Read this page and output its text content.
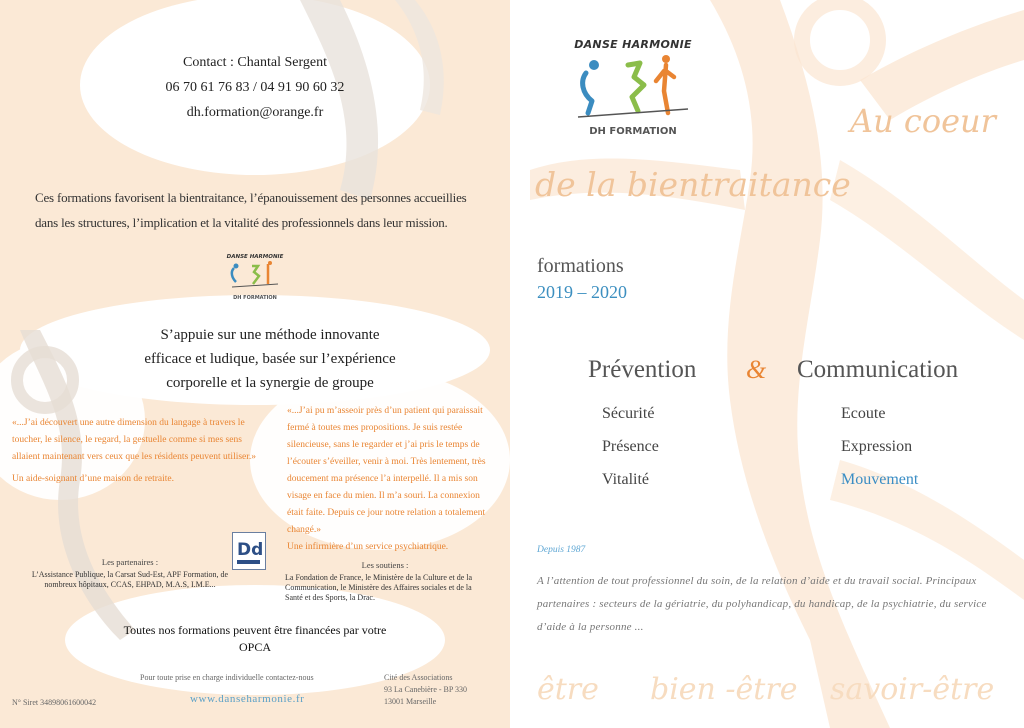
Contact : Chantal Sergent
06 70 61 76 83 / 04 91 90 60 32
dh.formation@orange.fr
Ces formations favorisent la bientraitance, l’épanouissement des personnes accueillies dans les structures, l’implication et la vitalité des professionnels dans leur mission.
DANSE HARMONIE
DH FORMATION
S’appuie sur une méthode innovante efficace et ludique, basée sur l’expérience corporelle et la synergie de groupe
«...J’ai découvert une autre dimension du langage à travers le toucher, le silence, le regard, la gestuelle comme si mes sens allaient maintenant vers ceux que les résidents peuvent utiliser.»
Un aide-soignant d’une maison de retraite.
«...J’ai pu m’asseoir près d’un patient qui paraissait fermé à toutes mes propositions. Je suis restée silencieuse, sans le regarder et j’ai pris le temps de l’écouter s’éveiller, venir à moi. Très lentement, très doucement ma présence l’a interpellé. Il a mis son visage en face du mien. Il m’a souri. La connexion était faite. Depuis ce jour notre relation a totalement changé.»
Une infirmière d’un service psychiatrique.
Dd
Les partenaires :
L’Assistance Publique, la Carsat Sud-Est, APF Formation, de nombreux hôpitaux, CCAS, EHPAD, M.A.S, I.M.E...
Les soutiens :
La Fondation de France, le Ministère de la Culture et de la Communication, le Ministère des Affaires sociales et de la Santé et des Sports, la Drac.
Toutes nos formations peuvent être financées par votre OPCA
Pour toute prise en charge individuelle contactez-nous
www.danseharmonie.fr
N° Siret 34898061600042
Cité des Associations
93 La Canebière - BP 330
13001 Marseille
DANSE HARMONIE
DH FORMATION	Au coeur
de la bientraitance
formations
2019 – 2020
Prévention & Communication
Sécurité
Présence
Vitalité
Ecoute
Expression
Mouvement
Depuis 1987
A l’attention de tout professionnel du soin, de la relation d’aide et du travail social. Principaux partenaires : secteurs de la gériatrie, du polyhandicap, du handicap, de la psychiatrie, du service d’aide à la personne ...
être bien -être savoir-être
